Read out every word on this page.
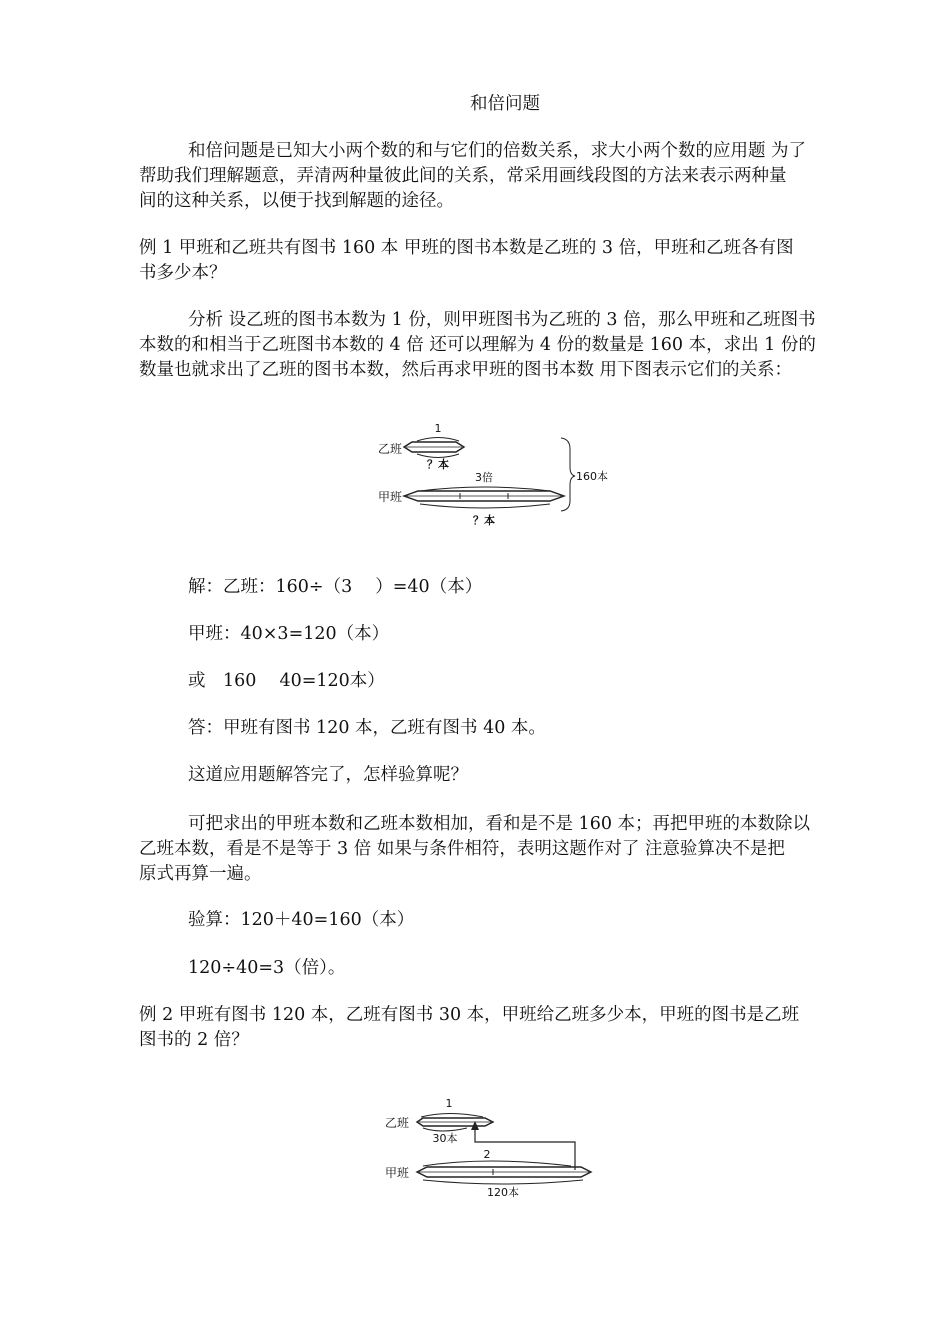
和倍问题
和倍问题是已知大小两个数的和与它们的倍数关系，求大小两个数的应用题 为了
帮助我们理解题意，弄清两种量彼此间的关系，常采用画线段图的方法来表示两种量
间的这种关系，以便于找到解题的途径。
例 1 甲班和乙班共有图书 160 本 甲班的图书本数是乙班的 3 倍，甲班和乙班各有图
书多少本？
分析 设乙班的图书本数为 1 份，则甲班图书为乙班的 3 倍，那么甲班和乙班图书
本数的和相当于乙班图书本数的 4 倍 还可以理解为 4 份的数量是 160 本，求出 1 份的
数量也就求出了乙班的图书本数，然后再求甲班的图书本数 用下图表示它们的关系：
乙班
1
？本
3倍
甲班
？本
160本
解：乙班：160÷（3　 ）=40（本）
甲班：40×3=120（本）
或　160　 40=120本）
答：甲班有图书 120 本，乙班有图书 40 本。
这道应用题解答完了，怎样验算呢？
可把求出的甲班本数和乙班本数相加，看和是不是 160 本；再把甲班的本数除以
乙班本数，看是不是等于 3 倍 如果与条件相符，表明这题作对了 注意验算决不是把
原式再算一遍。
验算：120＋40=160（本）
120÷40=3（倍）。
例 2 甲班有图书 120 本，乙班有图书 30 本，甲班给乙班多少本，甲班的图书是乙班
图书的 2 倍？
1
乙班
30本
2
甲班
120本
